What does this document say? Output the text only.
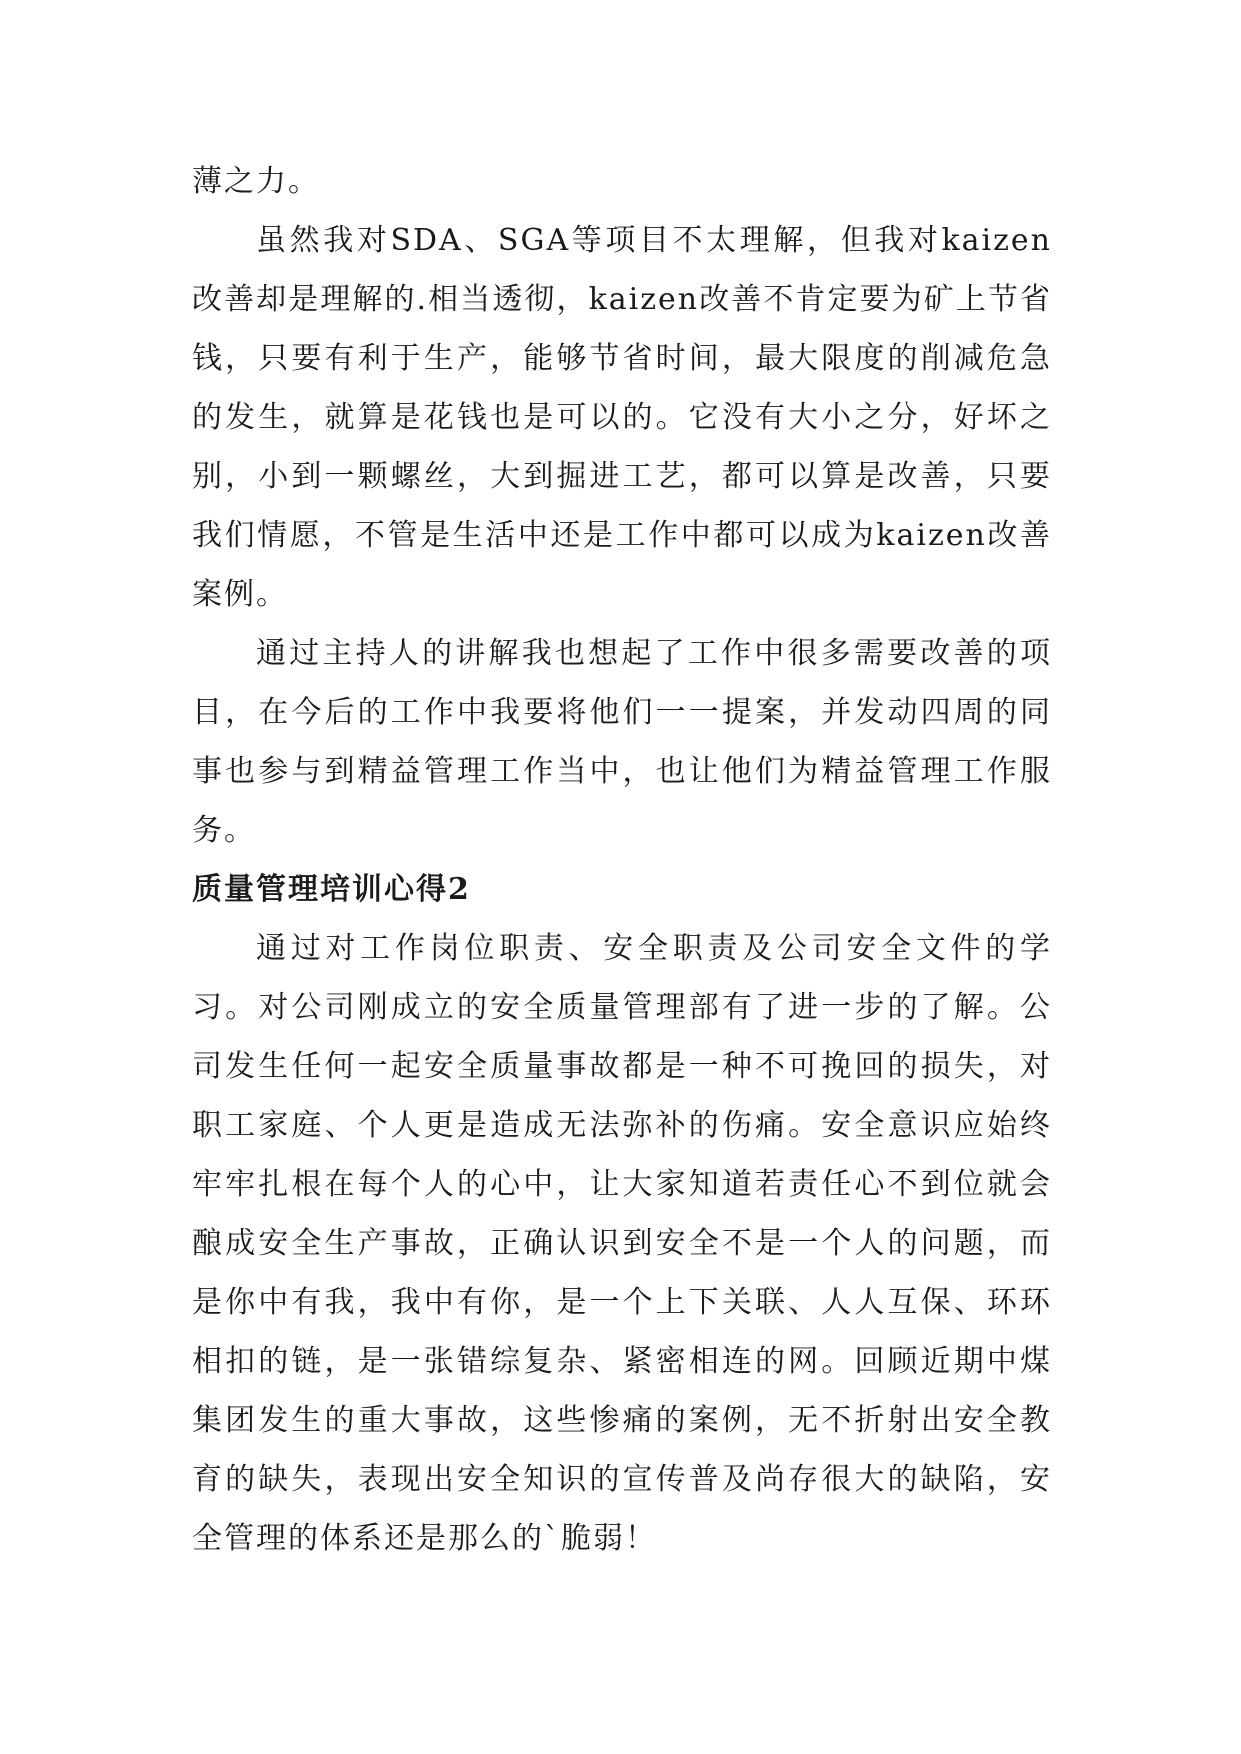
薄之力。

虽然我对SDA、SGA等项目不太理解，但我对kaizen改善却是理解的.相当透彻，kaizen改善不肯定要为矿上节省钱，只要有利于生产，能够节省时间，最大限度的削减危急的发生，就算是花钱也是可以的。它没有大小之分，好坏之别，小到一颗螺丝，大到掘进工艺，都可以算是改善，只要我们情愿，不管是生活中还是工作中都可以成为kaizen改善案例。

通过主持人的讲解我也想起了工作中很多需要改善的项目，在今后的工作中我要将他们一一提案，并发动四周的同事也参与到精益管理工作当中，也让他们为精益管理工作服务。

质量管理培训心得2

通过对工作岗位职责、安全职责及公司安全文件的学习。对公司刚成立的安全质量管理部有了进一步的了解。公司发生任何一起安全质量事故都是一种不可挽回的损失，对职工家庭、个人更是造成无法弥补的伤痛。安全意识应始终牢牢扎根在每个人的心中，让大家知道若责任心不到位就会酿成安全生产事故，正确认识到安全不是一个人的问题，而是你中有我，我中有你，是一个上下关联、人人互保、环环相扣的链，是一张错综复杂、紧密相连的网。回顾近期中煤集团发生的重大事故，这些惨痛的案例，无不折射出安全教育的缺失，表现出安全知识的宣传普及尚存很大的缺陷，安全管理的体系还是那么的`脆弱！
